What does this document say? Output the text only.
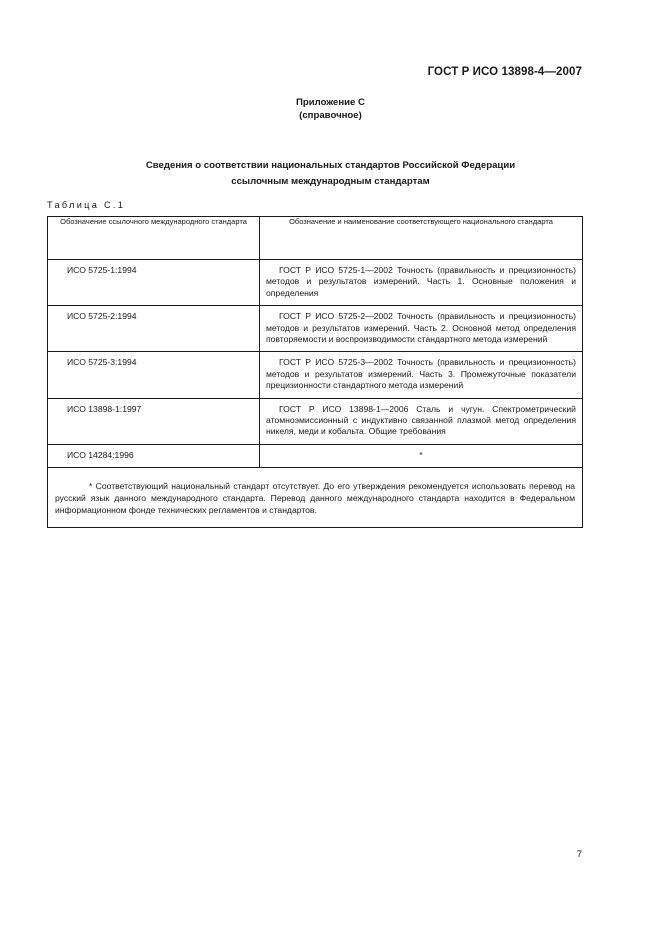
ГОСТ Р ИСО 13898-4—2007
Приложение С
(справочное)
Сведения о соответствии национальных стандартов Российской Федерации
ссылочным международным стандартам
Таблица С.1
Обозначение ссылочного международного стандарта	Обозначение и наименование соответствующего национального стандарта
ИСО 5725-1:1994	ГОСТ Р ИСО 5725-1—2002 Точность (правильность и прецизионность) методов и результатов измерений. Часть 1. Основные положения и определения

ИСО 5725-2:1994	ГОСТ Р ИСО 5725-2—2002 Точность (правильность и прецизионность) методов и результатов измерений. Часть 2. Основной метод определения повторяемости и воспроизводимости стандартного метода измерений

ИСО 5725-3:1994	ГОСТ Р ИСО 5725-3—2002 Точность (правильность и прецизионность) методов и результатов измерений. Часть 3. Промежуточные показатели прецизионности стандартного метода измерений

ИСО 13898-1:1997	ГОСТ Р ИСО 13898-1—2006 Сталь и чугун. Спектрометрический атомноэмиссионный с индуктивно связанной плазмой метод определения никеля, меди и кобальта. Общие требования

ИСО 14284:1996	*

* Соответствующий национальный стандарт отсутствует. До его утверждения рекомендуется использовать перевод на русский язык данного международного стандарта. Перевод данного международного стандарта находится в Федеральном информационном фонде технических регламентов и стандартов.	
7
